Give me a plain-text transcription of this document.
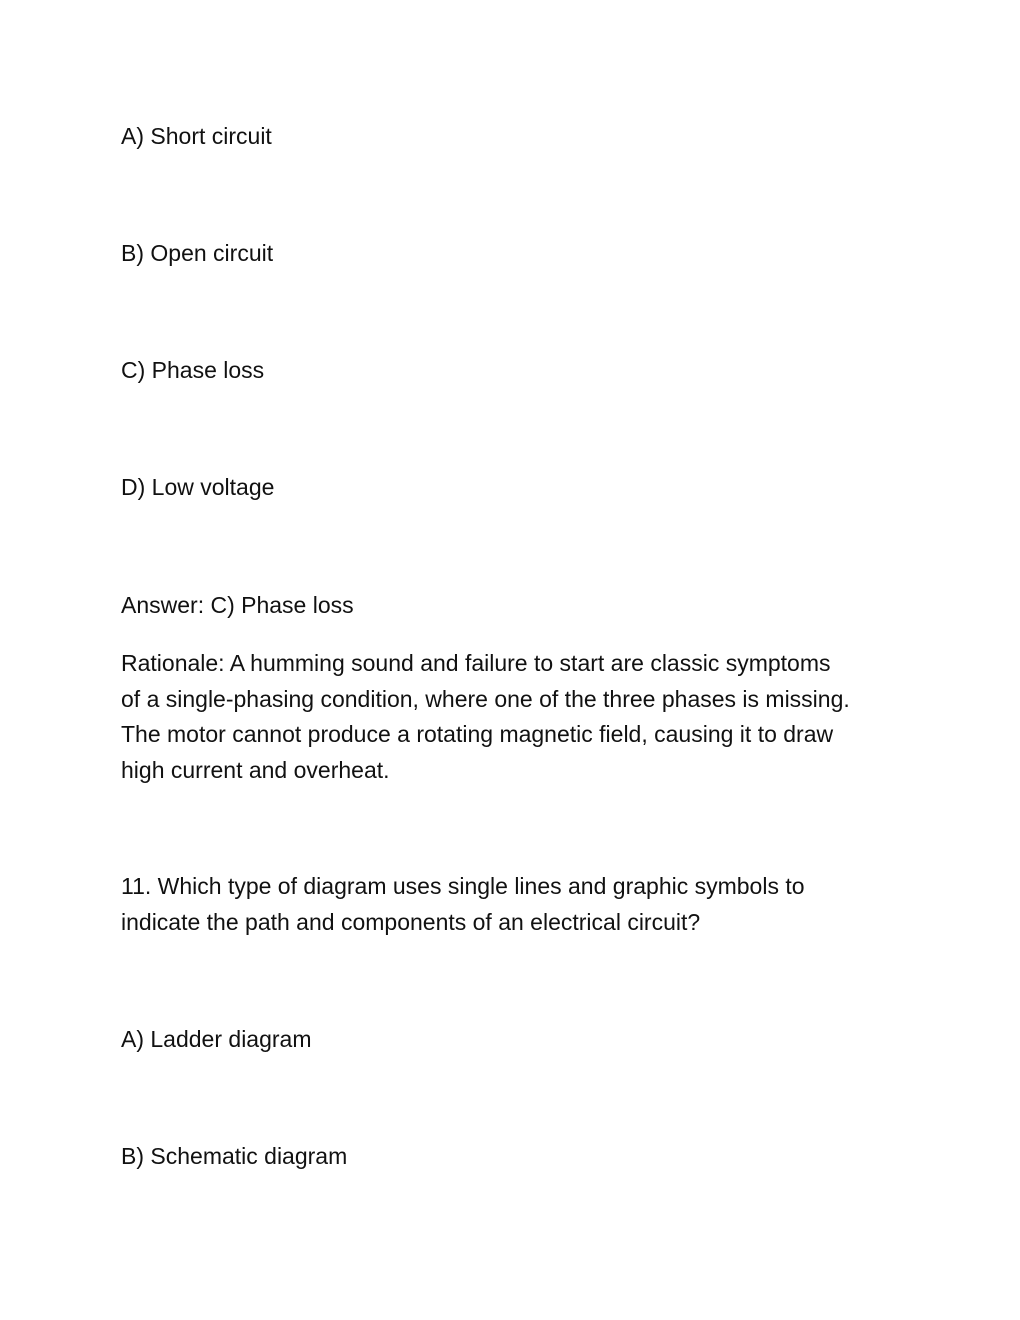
A) Short circuit
B) Open circuit
C) Phase loss
D) Low voltage
Answer: C) Phase loss
Rationale: A humming sound and failure to start are classic symptoms
of a single-phasing condition, where one of the three phases is missing.
The motor cannot produce a rotating magnetic field, causing it to draw
high current and overheat.
11. Which type of diagram uses single lines and graphic symbols to
indicate the path and components of an electrical circuit?
A) Ladder diagram
B) Schematic diagram
